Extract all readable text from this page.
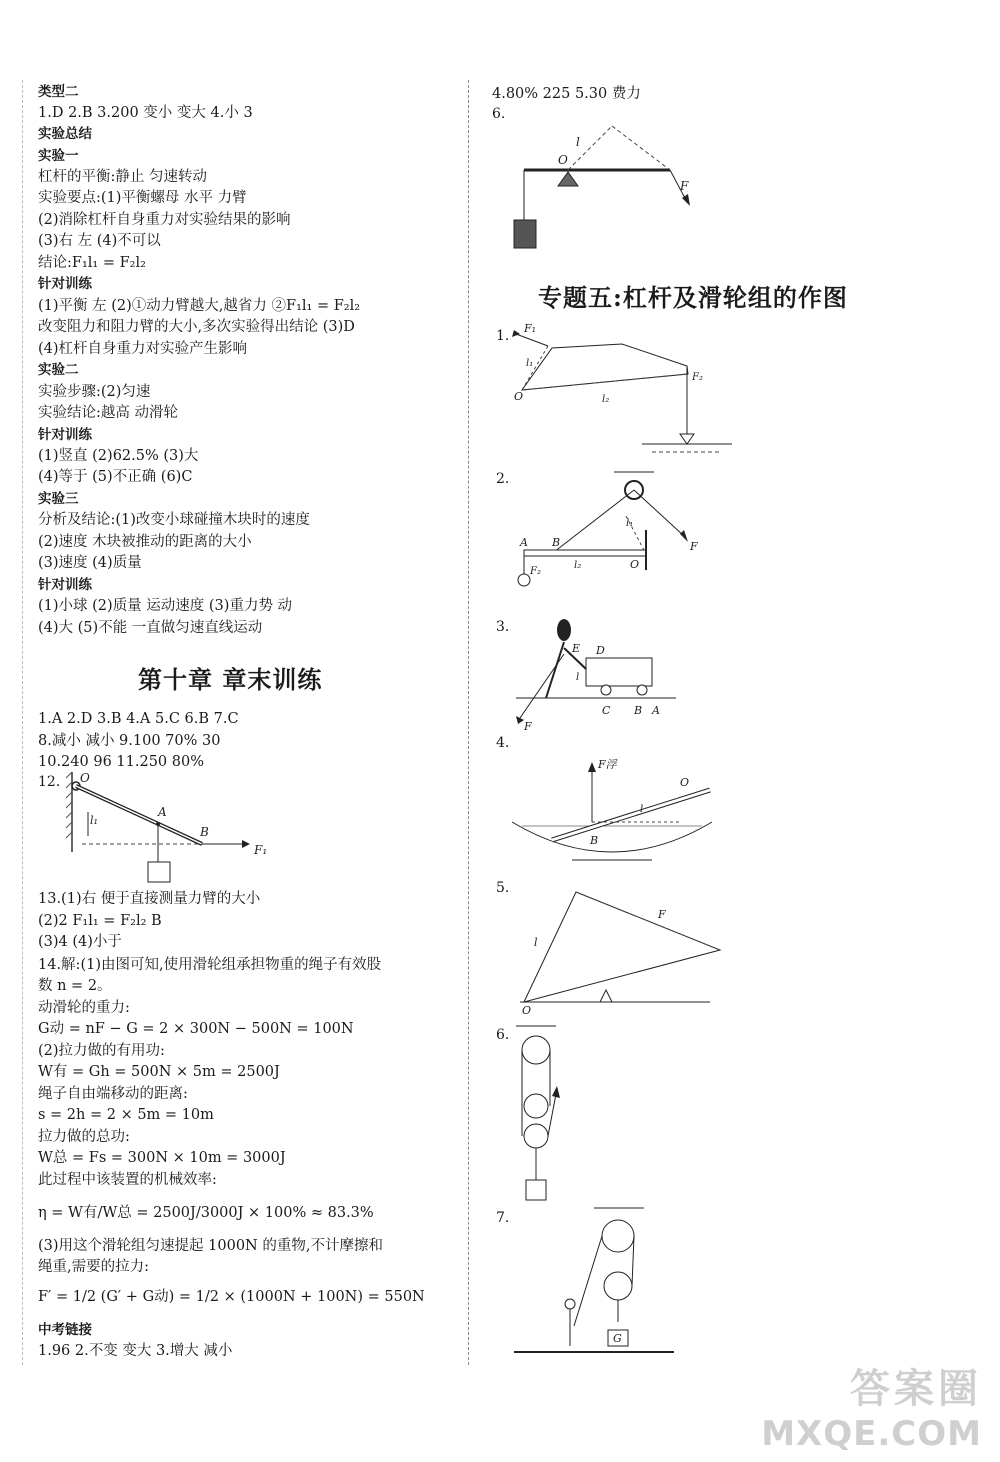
类型二
1.D 2.B 3.200 变小 变大 4.小 3
实验总结
实验一
杠杆的平衡:静止 匀速转动
实验要点:(1)平衡螺母 水平 力臂
(2)消除杠杆自身重力对实验结果的影响
(3)右 左 (4)不可以
结论:F₁l₁ = F₂l₂
针对训练
(1)平衡 左 (2)①动力臂越大,越省力 ②F₁l₁ = F₂l₂
改变阻力和阻力臂的大小,多次实验得出结论 (3)D
(4)杠杆自身重力对实验产生影响
实验二
实验步骤:(2)匀速
实验结论:越高 动滑轮
针对训练
(1)竖直 (2)62.5% (3)大
(4)等于 (5)不正确 (6)C
实验三
分析及结论:(1)改变小球碰撞木块时的速度
(2)速度 木块被推动的距离的大小
(3)速度 (4)质量
针对训练
(1)小球 (2)质量 运动速度 (3)重力势 动
(4)大 (5)不能 一直做匀速直线运动
第十章 章末训练
1.A 2.D 3.B 4.A 5.C 6.B 7.C
8.减小 减小 9.100 70% 30
10.240 96 11.250 80%
12. O
A
B
l₁
F₁
13.(1)右 便于直接测量力臂的大小
(2)2 F₁l₁ = F₂l₂ B
(3)4 (4)小于
14.解:(1)由图可知,使用滑轮组承担物重的绳子有效股
数 n = 2。
动滑轮的重力:
G动 = nF − G = 2 × 300N − 500N = 100N
(2)拉力做的有用功:
W有 = Gh = 500N × 5m = 2500J
绳子自由端移动的距离:
s = 2h = 2 × 5m = 10m
拉力做的总功:
W总 = Fs = 300N × 10m = 3000J
此过程中该装置的机械效率:
η = W有/W总 = 2500J/3000J × 100% ≈ 83.3%
(3)用这个滑轮组匀速提起 1000N 的重物,不计摩擦和
绳重,需要的拉力:
F′ = 1/2 (G′ + G动) = 1/2 × (1000N + 100N) = 550N
中考链接
1.96 2.不变 变大 3.增大 减小
4.80% 225 5.30 费力
6.
O
l
F
专题五:杠杆及滑轮组的作图
1. F₁
l₁
O	l₂
F₂
2.
A B
l₁
l₂	O
F
F₂
3.
E D
l
C B A
F
4.
F浮
l
O
B
5.
l
F
O
6.
7.
G
答案圈
MXQE.COM
